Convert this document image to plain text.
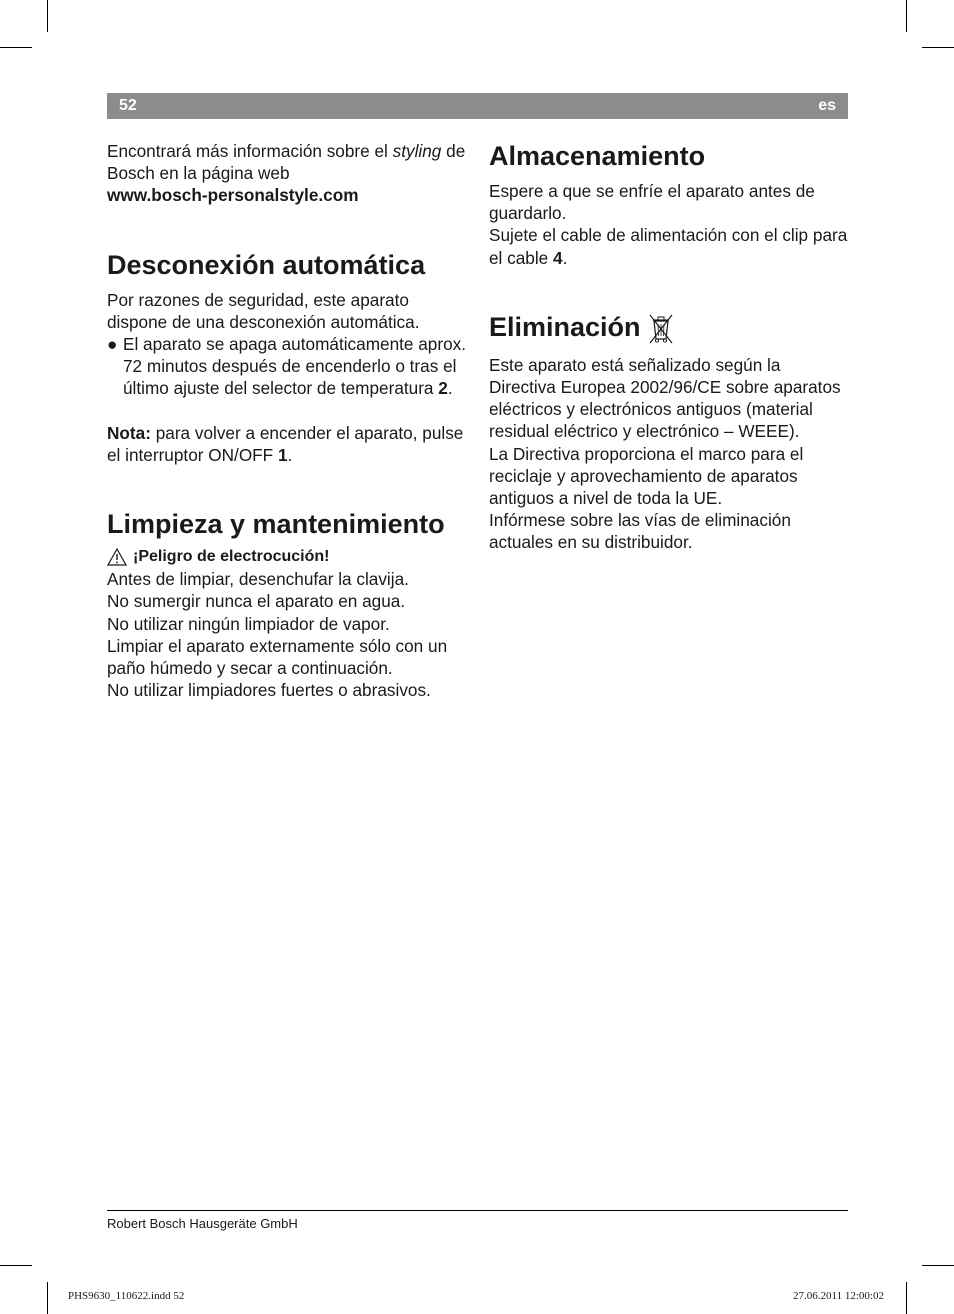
52	es

Encontrará más información sobre el styling de Bosch en la página web

www.bosch-personalstyle.com

Desconexión automática

Por razones de seguridad, este aparato dispone de una desconexión automática.

● El aparato se apaga automáticamente aprox. 72 minutos después de encenderlo o tras el último ajuste del selector de temperatura 2.

Nota: para volver a encender el aparato, pulse el interruptor ON/OFF 1.

Limpieza y mantenimiento
¡Peligro de electrocución!

Antes de limpiar, desenchufar la clavija.

No sumergir nunca el aparato en agua.

No utilizar ningún limpiador de vapor.

Limpiar el aparato externamente sólo con un paño húmedo y secar a continuación.

No utilizar limpiadores fuertes o abrasivos.

Almacenamiento

Espere a que se enfríe el aparato antes de guardarlo.

Sujete el cable de alimentación con el clip para el cable 4.

Eliminación

Este aparato está señalizado según la Directiva Europea 2002/96/CE sobre aparatos eléctricos y electrónicos antiguos (material residual eléctrico y electrónico – WEEE).

La Directiva proporciona el marco para el reciclaje y aprovechamiento de aparatos antiguos a nivel de toda la UE.

Infórmese sobre las vías de eliminación actuales en su distribuidor.

Robert Bosch Hausgeräte GmbH
PHS9630_110622.indd 52	27.06.2011 12:00:02
